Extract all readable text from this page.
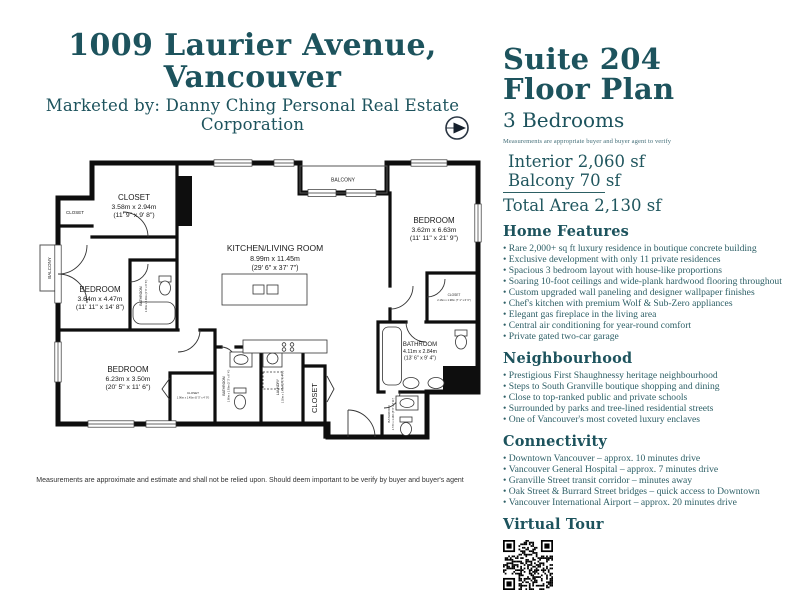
1009 Laurier Avenue, Vancouver
Marketed by: Danny Ching Personal Real Estate Corporation
CLOSET
3.58m x 2.94m
(11' 9" x 9' 8")
CLOSET
BALCONY
BALCONY
BEDROOM
3.64m x 4.47m
(11' 11" x 14' 8")
BATHROOM 1.46m x 2.90m (4' 9" x 9' 6")
KITCHEN/LIVING ROOM
8.99m x 11.45m
(29' 6" x 37' 7")
BEDROOM
3.62m x 6.63m
(11' 11" x 21' 9")
CLOSET
2.16m x 1.98m (7' 1" x 6' 6")
BATHROOM
4.11m x 2.84m
(13' 6" x 9' 4")
BEDROOM
6.23m x 3.50m
(20' 5" x 11' 6")
CLOSET
1.96m x 1.45m (6' 5" x 4' 9")
BATHROOM 1.60m x 1.93m (5' 3" x 6' 4")	LAUNDRY 1.55m x 1.46m (5' 1" x 4' 9")	CLOSET
BATHROOM 1.77m x 1.19m (5' 9" x 3' 11")
Measurements are approximate and estimate and shall not be relied upon. Should deem important to be verify by buyer and buyer's agent
Suite 204
Floor Plan
3 Bedrooms
Measurements are appropriate buyer and buyer agent to verify
Interior 2,060 sf
Balcony 70 sf
Total Area 2,130 sf
Home Features
• Rare 2,000+ sq ft luxury residence in boutique concrete building
• Exclusive development with only 11 private residences
• Spacious 3 bedroom layout with house-like proportions
• Soaring 10-foot ceilings and wide-plank hardwood flooring throughout
• Custom upgraded wall paneling and designer wallpaper finishes
• Chef's kitchen with premium Wolf & Sub-Zero appliances
• Elegant gas fireplace in the living area
• Central air conditioning for year-round comfort
• Private gated two-car garage
Neighbourhood
• Prestigious First Shaughnessy heritage neighbourhood
• Steps to South Granville boutique shopping and dining
• Close to top-ranked public and private schools
• Surrounded by parks and tree-lined residential streets
• One of Vancouver's most coveted luxury enclaves
Connectivity
• Downtown Vancouver – approx. 10 minutes drive
• Vancouver General Hospital – approx. 7 minutes drive
• Granville Street transit corridor – minutes away
• Oak Street & Burrard Street bridges – quick access to Downtown
• Vancouver International Airport – approx. 20 minutes drive
Virtual Tour
